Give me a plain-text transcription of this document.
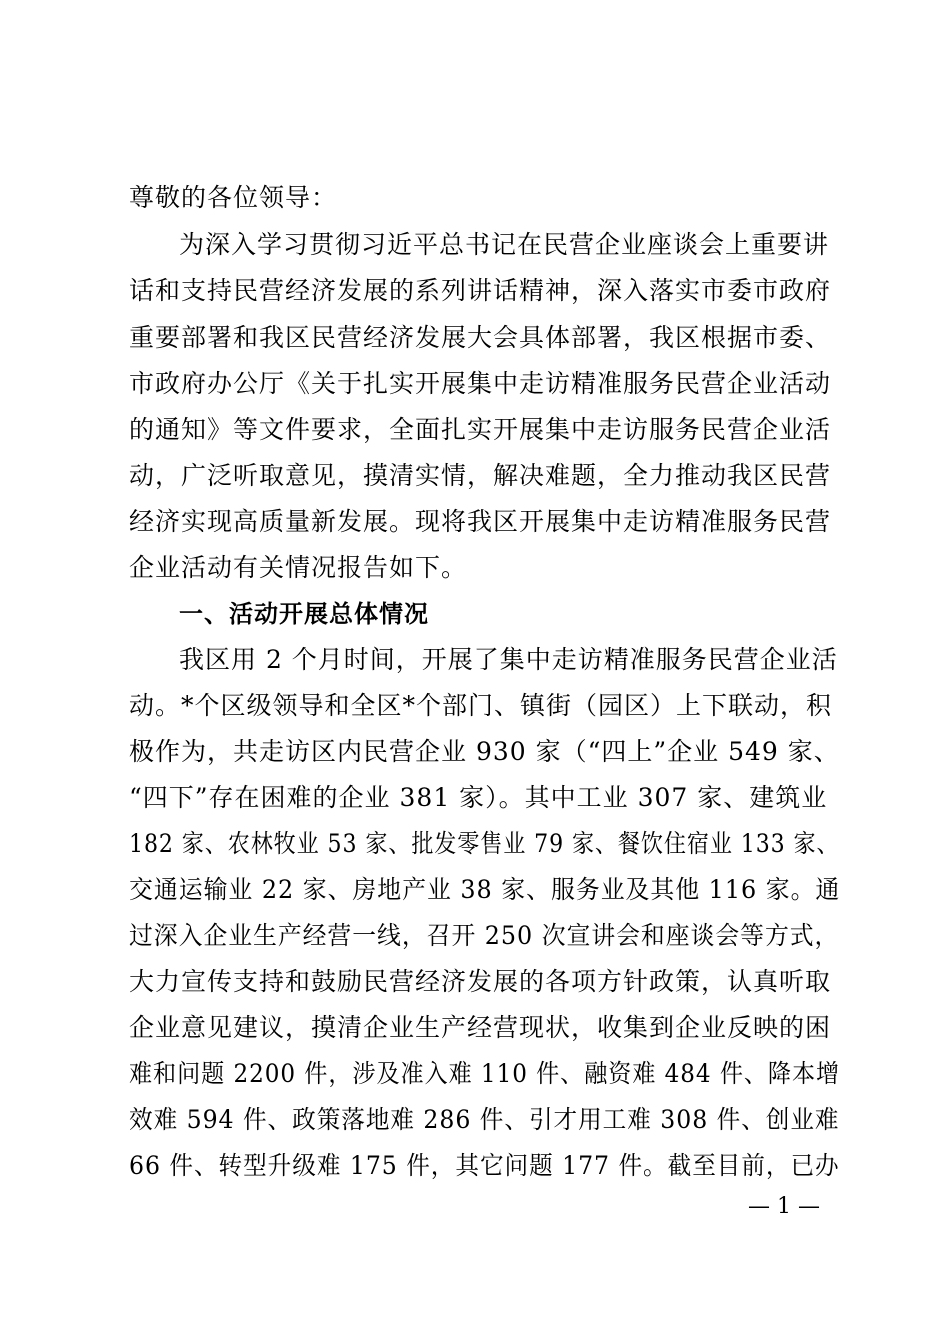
尊敬的各位领导：
为深入学习贯彻习近平总书记在民营企业座谈会上重要讲
话和支持民营经济发展的系列讲话精神，深入落实市委市政府
重要部署和我区民营经济发展大会具体部署，我区根据市委、
市政府办公厅《关于扎实开展集中走访精准服务民营企业活动
的通知》等文件要求，全面扎实开展集中走访服务民营企业活
动，广泛听取意见，摸清实情，解决难题，全力推动我区民营
经济实现高质量新发展。现将我区开展集中走访精准服务民营
企业活动有关情况报告如下。
一、活动开展总体情况
我区用 2 个月时间，开展了集中走访精准服务民营企业活
动。*个区级领导和全区*个部门、镇街（园区）上下联动，积
极作为，共走访区内民营企业 930 家（“四上”企业 549 家、
“四下”存在困难的企业 381 家）。其中工业 307 家、建筑业
182 家、农林牧业 53 家、批发零售业 79 家、餐饮住宿业 133 家、
交通运输业 22 家、房地产业 38 家、服务业及其他 116 家。通
过深入企业生产经营一线，召开 250 次宣讲会和座谈会等方式，
大力宣传支持和鼓励民营经济发展的各项方针政策，认真听取
企业意见建议，摸清企业生产经营现状，收集到企业反映的困
难和问题 2200 件，涉及准入难 110 件、融资难 484 件、降本增
效难 594 件、政策落地难 286 件、引才用工难 308 件、创业难
66 件、转型升级难 175 件，其它问题 177 件。截至目前，已办
— 1 —
